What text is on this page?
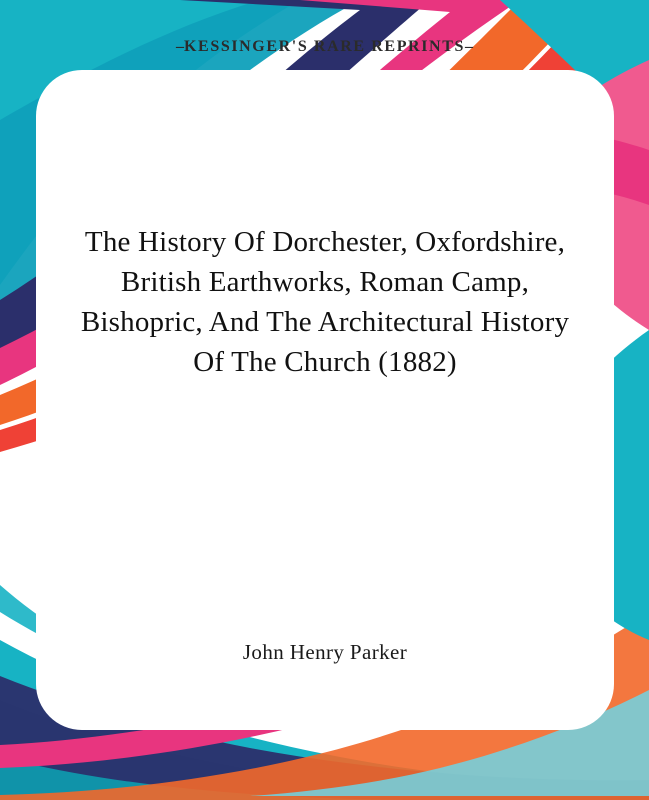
–KESSINGER'S RARE REPRINTS–
The History Of Dorchester, Oxfordshire, British Earthworks, Roman Camp, Bishopric, And The Architectural History Of The Church (1882)
John Henry Parker
